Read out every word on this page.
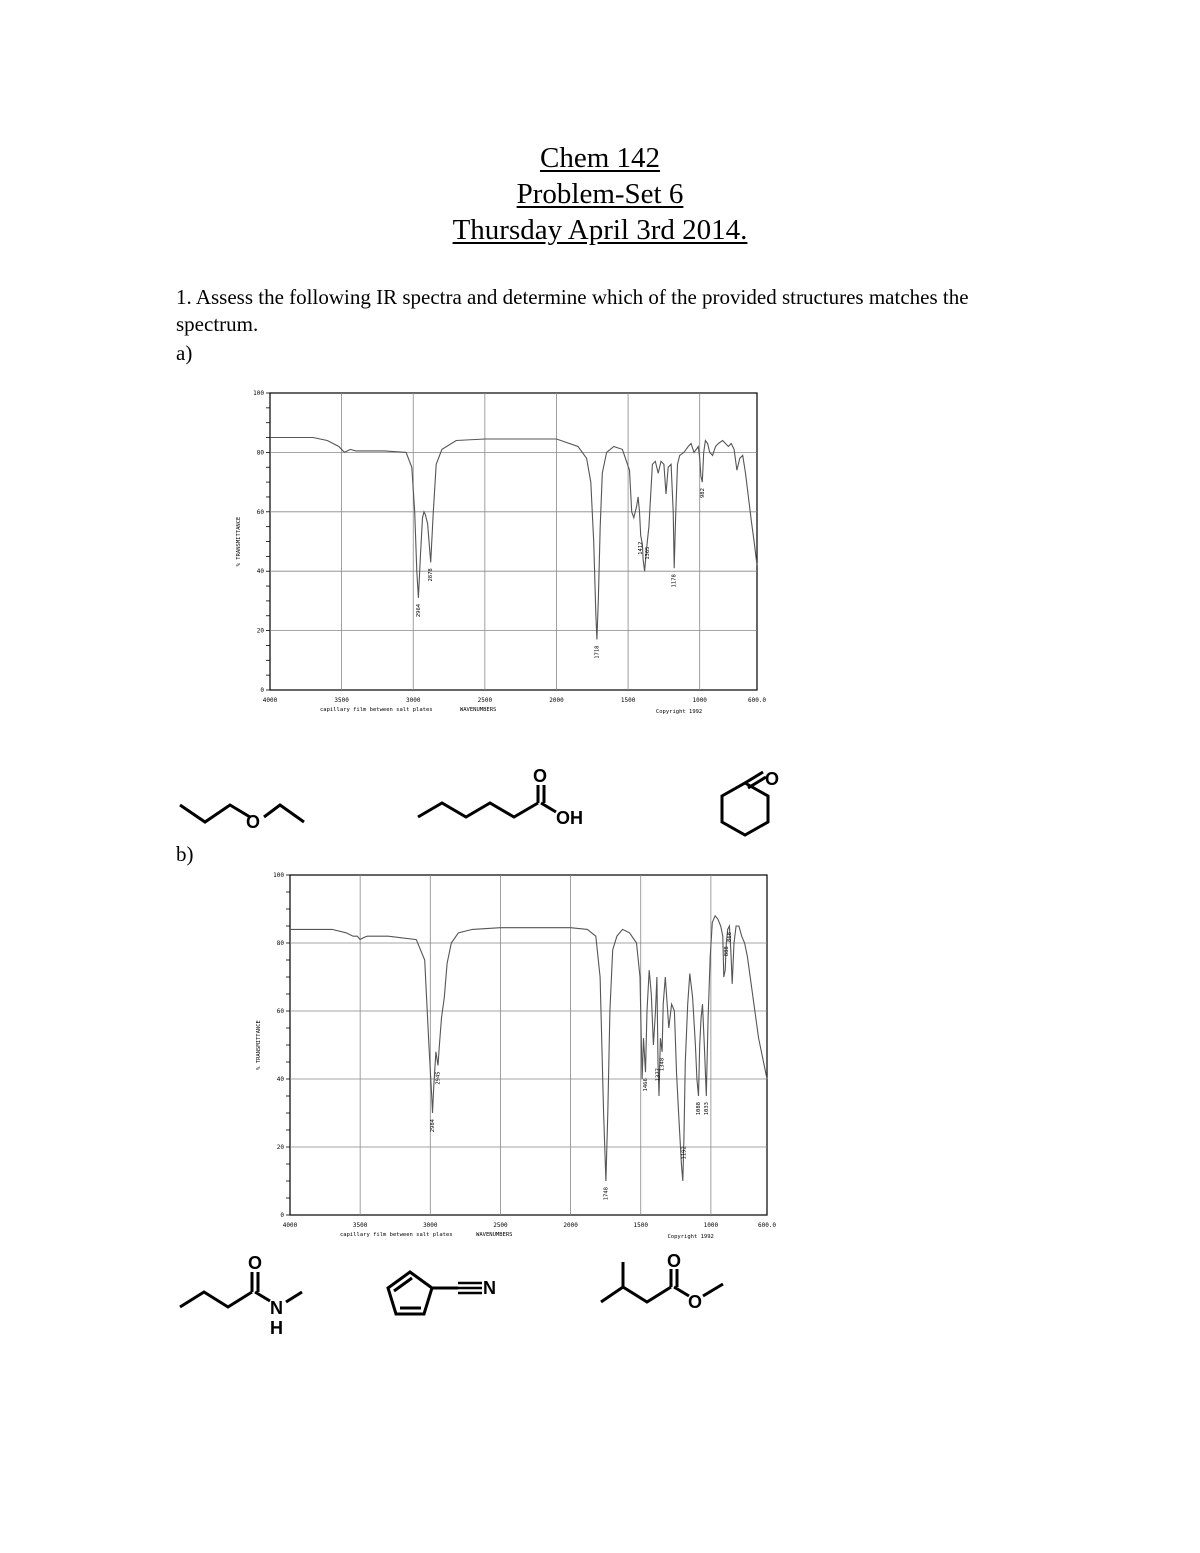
Chem 142
Problem-Set 6
Thursday April 3rd 2014.
1. Assess the following IR spectra and determine which of the provided structures matches the spectrum.
a)
0
20
40
60
80
100
4000	3500	3000	2500	2000	1500	1000	600.0
% TRANSMITTANCE
capillary film between salt plates	WAVENUMBERS	Copyright 1992
2964
2878
1718
1412 1365
1178
982
O
O
OH
O
b)
0
20
40
60
80
100
4000	3500	3000	2500	2000	1500	1000	600.0
% TRANSMITTANCE
capillary film between salt plates	WAVENUMBERS	Copyright 1992
2984
2945
1748
1466
1377
1348
1192
1088 1033
888
868
O
N
H
N
O
O
